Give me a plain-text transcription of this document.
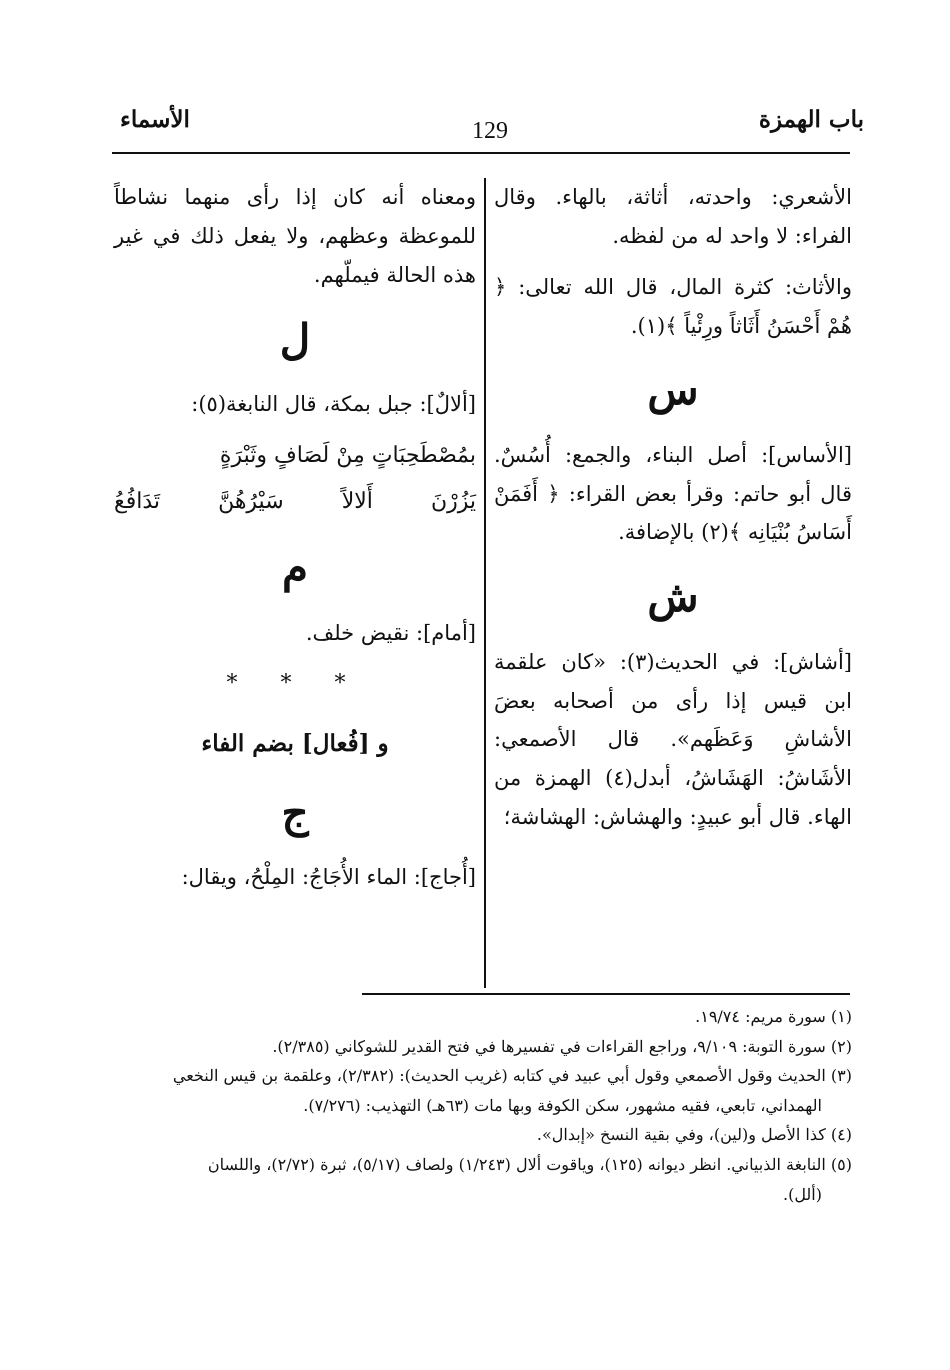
باب الهمزة
129
الأسماء

الأشعري: واحدته، أثاثة، بالهاء. وقال الفراء: لا واحد له من لفظه.

والأثاث: كثرة المال، قال الله تعالى: ﴿ هُمْ أَحْسَنُ أَثَاثاً ورِئْياً ﴾(١).

س

[الأساس]: أصل البناء، والجمع: أُسُسٌ. قال أبو حاتم: وقرأ بعض القراء: ﴿ أَفَمَنْ أَسَاسُ بُنْيَانِه ﴾(٢) بالإضافة.

ش

[أشاش]: في الحديث(٣): «كان علقمة ابن قيس إذا رأى من أصحابه بعضَ الأشاشِ وَعَظَهم». قال الأصمعي: الأشَاشُ: الهَشَاشُ، أبدل(٤) الهمزة من الهاء. قال أبو عبيدٍ: والهشاش: الهشاشة؛

ومعناه أنه كان إذا رأى منهما نشاطاً للموعظة وعظهم، ولا يفعل ذلك في غير هذه الحالة فيملّهم.

ل

[ألالٌ]: جبل بمكة، قال النابغة(٥):

بمُصْطَحِبَاتٍ مِنْ لَصَافٍ وثَبْرَةٍ

يَزُرْنَ أَلالاً سَيْرُهُنَّ تَدَافُعُ

م

[أمام]: نقيض خلف.

* * *
و [فُعال] بضم الفاء
ج

[أُجاج]: الماء الأُجَاجُ: المِلْحُ، ويقال:

(١) سورة مريم: ١٩/٧٤.

(٢) سورة التوبة: ٩/١٠٩، وراجع القراءات في تفسيرها في فتح القدير للشوكاني (٢/٣٨٥).

(٣) الحديث وقول الأصمعي وقول أبي عبيد في كتابه (غريب الحديث): (٢/٣٨٢)، وعلقمة بن قيس النخعي

الهمداني، تابعي، فقيه مشهور، سكن الكوفة وبها مات (٦٣هـ) التهذيب: (٧/٢٧٦).

(٤) كذا الأصل و(لين)، وفي بقية النسخ «إبدال».

(٥) النابغة الذبياني. انظر ديوانه (١٢٥)، وياقوت ألال (١/٢٤٣) ولصاف (٥/١٧)، ثبرة (٢/٧٢)، واللسان

(ألل).
